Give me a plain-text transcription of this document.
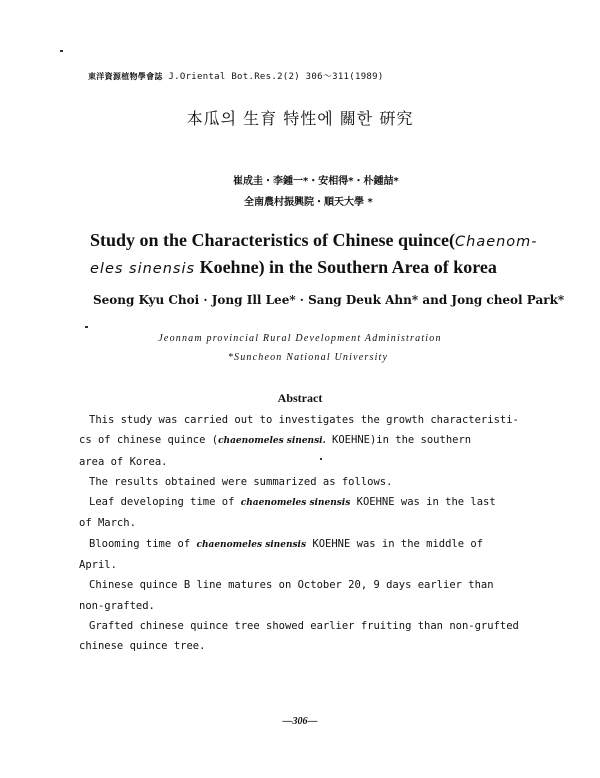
東洋資源植物學會誌 J.Oriental Bot.Res.2(2) 306～311(1989)
本瓜의 生育 特性에 關한 硏究
崔成圭・李鍾一*・安相得*・朴鍾喆*
全南農村振興院・順天大學 *
Study on the Characteristics of Chinese quince(Chaenom-
eles sinensis Koehne) in the Southern Area of korea
Seong Kyu Choi · Jong Ill Lee* · Sang Deuk Ahn* and Jong cheol Park*
Jeonnam provincial Rural Development Administration
*Suncheon National University
Abstract
This study was carried out to investigates the growth characteristi-
cs of chinese quince (chaenomeles sinensi. KOEHNE)in the southern
area of Korea.
The results obtained were summarized as follows.
Leaf developing time of chaenomeles sinensis KOEHNE was in the last
of March.
Blooming time of chaenomeles sinensis KOEHNE was in the middle of
April.
Chinese quince B line matures on October 20, 9 days earlier than
non-grafted.
Grafted chinese quince tree showed earlier fruiting than non-grufted
chinese quince tree.
—306—
